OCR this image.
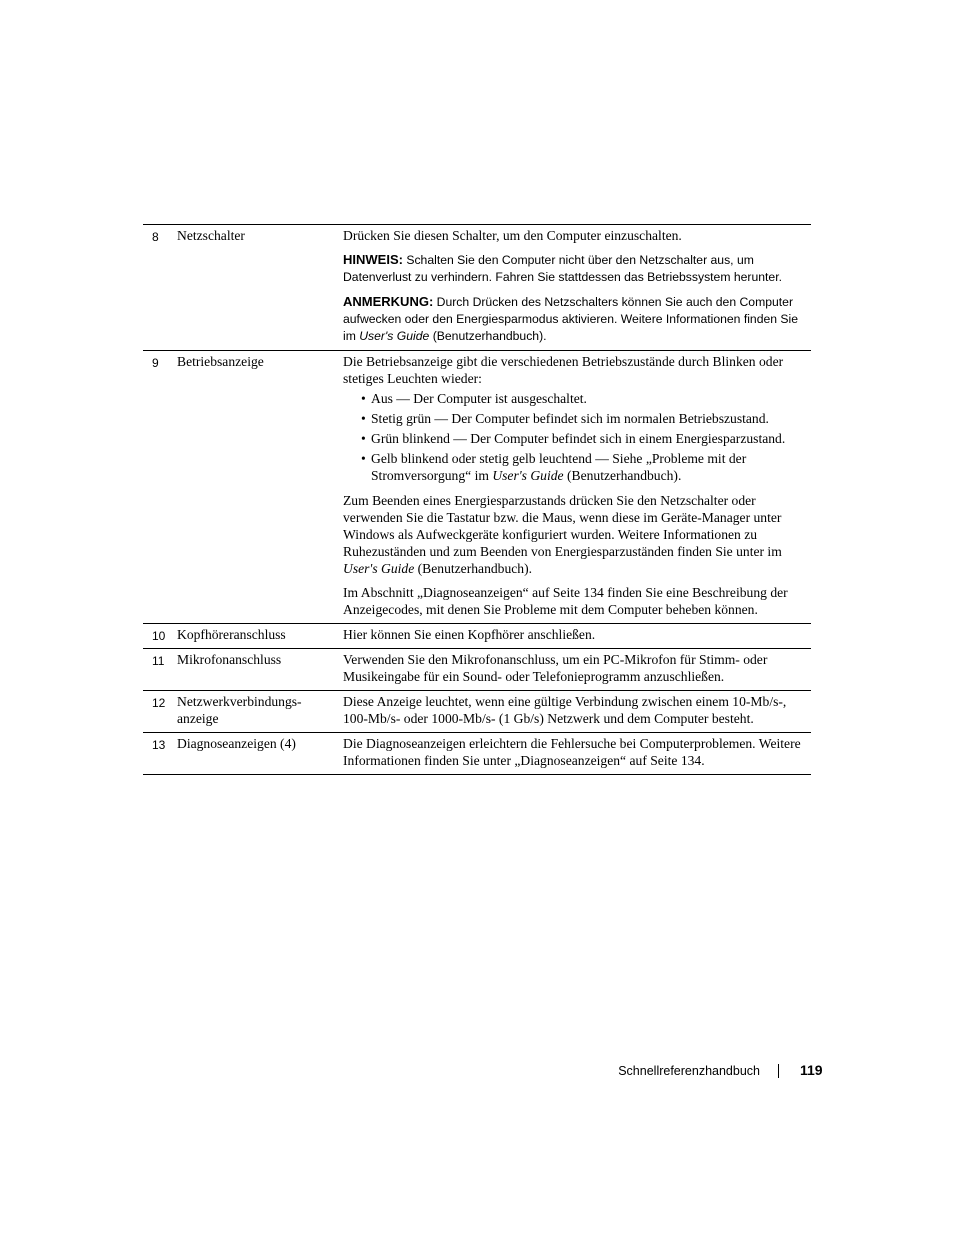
8	Netzschalter	Drücken Sie diesen Schalter, um den Computer einzuschalten.

HINWEIS: Schalten Sie den Computer nicht über den Netzschalter aus, um Datenverlust zu verhindern. Fahren Sie stattdessen das Betriebssystem herunter.

ANMERKUNG: Durch Drücken des Netzschalters können Sie auch den Computer aufwecken oder den Energiesparmodus aktivieren. Weitere Informationen finden Sie im User's Guide (Benutzerhandbuch).

9	Betriebsanzeige	Die Betriebsanzeige gibt die verschiedenen Betriebszustände durch Blinken oder stetiges Leuchten wieder:

• Aus — Der Computer ist ausgeschaltet.
• Stetig grün — Der Computer befindet sich im normalen Betriebszustand.
• Grün blinkend — Der Computer befindet sich in einem Energiesparzustand.
• Gelb blinkend oder stetig gelb leuchtend — Siehe „Probleme mit der Stromversorgung“ im User's Guide (Benutzerhandbuch).

Zum Beenden eines Energiesparzustands drücken Sie den Netzschalter oder verwenden Sie die Tastatur bzw. die Maus, wenn diese im Geräte-Manager unter Windows als Aufweckgeräte konfiguriert wurden. Weitere Informationen zu Ruhezuständen und zum Beenden von Energiesparzuständen finden Sie unter im User's Guide (Benutzerhandbuch).

Im Abschnitt „Diagnoseanzeigen“ auf Seite 134 finden Sie eine Beschreibung der Anzeigecodes, mit denen Sie Probleme mit dem Computer beheben können.

10 Kopfhöreranschluss	Hier können Sie einen Kopfhörer anschließen.
11 Mikrofonanschluss	Verwenden Sie den Mikrofonanschluss, um ein PC-Mikrofon für Stimm- oder Musikeingabe für ein Sound- oder Telefonieprogramm anzuschließen.
12 Netzwerkverbindungs-anzeige
Diese Anzeige leuchtet, wenn eine gültige Verbindung zwischen einem 10-Mb/s-, 100-Mb/s- oder 1000-Mb/s- (1 Gb/s) Netzwerk und dem Computer besteht.
13 Diagnoseanzeigen (4)	Die Diagnoseanzeigen erleichtern die Fehlersuche bei Computerproblemen. Weitere Informationen finden Sie unter „Diagnoseanzeigen“ auf Seite 134.
Schnellreferenzhandbuch	119
